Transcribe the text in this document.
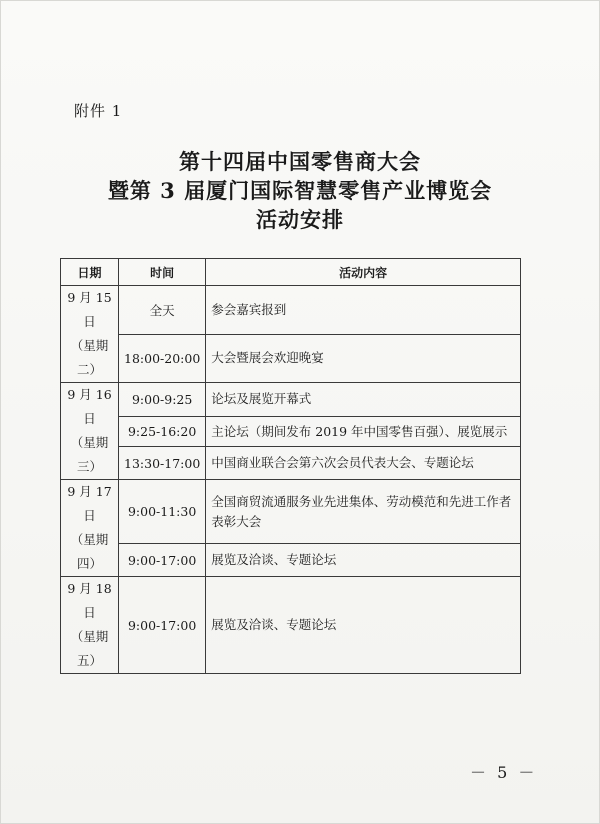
附件 1
第十四届中国零售商大会
暨第 3 届厦门国际智慧零售产业博览会
活动安排
日期	时间	活动内容

9 月 15 日
（星期二）	全天	参会嘉宾报到
	18:00-20:00	大会暨展会欢迎晚宴

9 月 16 日
（星期三）	9:00-9:25	论坛及展览开幕式
	9:25-16:20	主论坛（期间发布 2019 年中国零售百强）、展览展示
	13:30-17:00	中国商业联合会第六次会员代表大会、专题论坛

9 月 17 日
（星期四）	9:00-11:30	全国商贸流通服务业先进集体、劳动模范和先进工作者表彰大会
	9:00-17:00	展览及洽谈、专题论坛

9 月 18 日
（星期五）	9:00-17:00	展览及洽谈、专题论坛
－ 5 －
